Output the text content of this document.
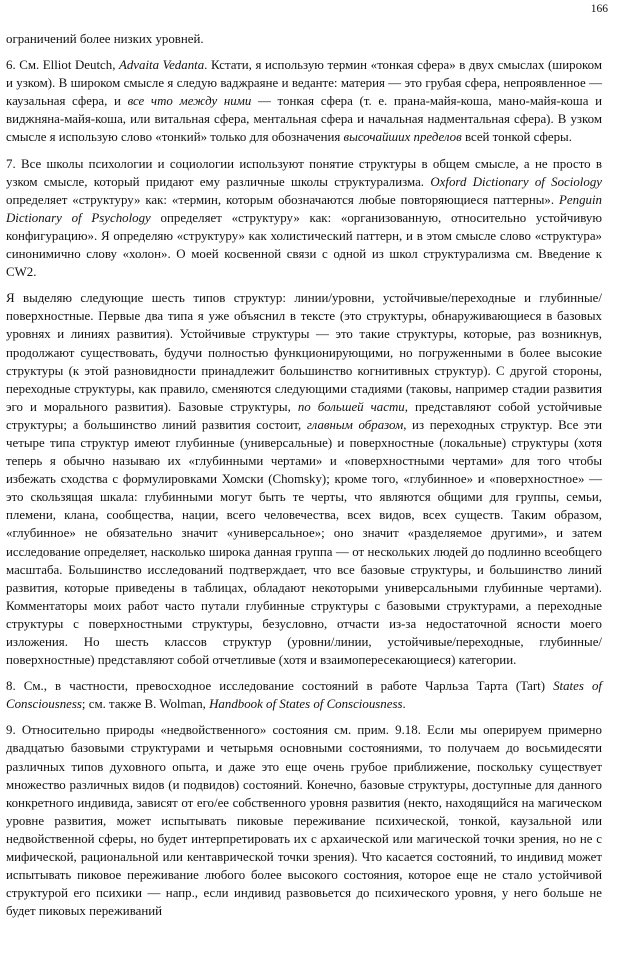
166
ограничений более низких уровней.
6. См. Elliot Deutch, Advaita Vedanta. Кстати, я использую термин «тонкая сфера» в двух смыслах (широком и узком). В широком смысле я следую ваджраяне и веданте: материя — это грубая сфера, непроявленное — каузальная сфера, и все что между ними — тонкая сфера (т. е. прана-майя-коша, мано-майя-коша и виджняна-майя-коша, или витальная сфера, ментальная сфера и начальная надментальная сфера). В узком смысле я использую слово «тонкий» только для обозначения высочайших пределов всей тонкой сферы.
7. Все школы психологии и социологии используют понятие структуры в общем смысле, а не просто в узком смысле, который придают ему различные школы структурализма. Oxford Dictionary of Sociology определяет «структуру» как: «термин, которым обозначаются любые повторяющиеся паттерны». Penguin Dictionary of Psychology определяет «структуру» как: «организованную, относительно устойчивую конфигурацию». Я определяю «структуру» как холистический паттерн, и в этом смысле слово «структура» синонимично слову «холон». О моей косвенной связи с одной из школ структурализма см. Введение к CW2.
Я выделяю следующие шесть типов структур: линии/уровни, устойчивые/переходные и глубинные/поверхностные. Первые два типа я уже объяснил в тексте (это структуры, обнаруживающиеся в базовых уровнях и линиях развития). Устойчивые структуры — это такие структуры, которые, раз возникнув, продолжают существовать, будучи полностью функционирующими, но погруженными в более высокие структуры (к этой разновидности принадлежит большинство когнитивных структур). С другой стороны, переходные структуры, как правило, сменяются следующими стадиями (таковы, например стадии развития эго и морального развития). Базовые структуры, по большей части, представляют собой устойчивые структуры; а большинство линий развития состоит, главным образом, из переходных структур. Все эти четыре типа структур имеют глубинные (универсальные) и поверхностные (локальные) структуры (хотя теперь я обычно называю их «глубинными чертами» и «поверхностными чертами» для того чтобы избежать сходства с формулировками Хомски (Chomsky); кроме того, «глубинное» и «поверхностное» — это скользящая шкала: глубинными могут быть те черты, что являются общими для группы, семьи, племени, клана, сообщества, нации, всего человечества, всех видов, всех существ. Таким образом, «глубинное» не обязательно значит «универсальное»; оно значит «разделяемое другими», и затем исследование определяет, насколько широка данная группа — от нескольких людей до подлинно всеобщего масштаба. Большинство исследований подтверждает, что все базовые структуры, и большинство линий развития, которые приведены в таблицах, обладают некоторыми универсальными глубинные чертами). Комментаторы моих работ часто путали глубинные структуры с базовыми структурами, а переходные структуры с поверхностными структуры, безусловно, отчасти из-за недостаточной ясности моего изложения. Но шесть классов структур (уровни/линии, устойчивые/переходные, глубинные/поверхностные) представляют собой отчетливые (хотя и взаимопересекающиеся) категории.
8. См., в частности, превосходное исследование состояний в работе Чарльза Тарта (Tart) States of Consciousness; см. также B. Wolman, Handbook of States of Consciousness.
9. Относительно природы «недвойственного» состояния см. прим. 9.18. Если мы оперируем примерно двадцатью базовыми структурами и четырьмя основными состояниями, то получаем до восьмидесяти различных типов духовного опыта, и даже это еще очень грубое приближение, поскольку существует множество различных видов (и подвидов) состояний. Конечно, базовые структуры, доступные для данного конкретного индивида, зависят от его/ее собственного уровня развития (некто, находящийся на магическом уровне развития, может испытывать пиковые переживание психической, тонкой, каузальной или недвойственной сферы, но будет интерпретировать их с архаической или магической точки зрения, но не с мифической, рациональной или кентаврической точки зрения). Что касается состояний, то индивид может испытывать пиковое переживание любого более высокого состояния, которое еще не стало устойчивой структурой его психики — напр., если индивид развовьется до психического уровня, у него больше не будет пиковых переживаний
